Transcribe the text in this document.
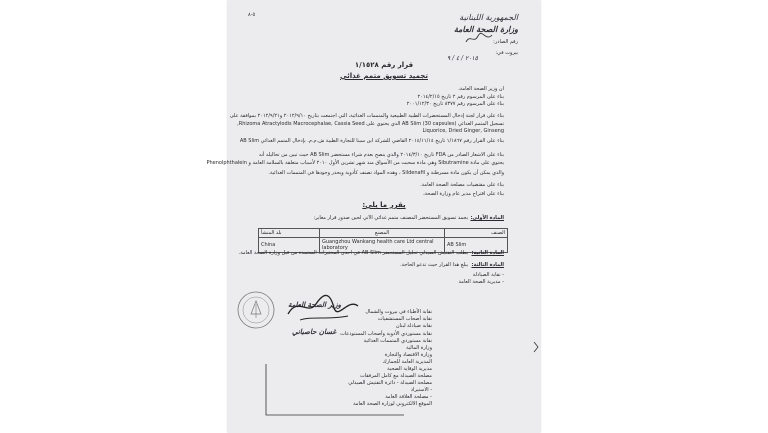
٥-٨	الجمهورية اللبنانية
وزارة الصحة العامة
رقم الصادر:
بيروت في:
٢٠١٥ / ٤ / ٩
قرار رقم ١/١٥٢٨
تجميد تسويق متمم غذائي
ان وزير الصحة العامة،
بناء على المرسوم رقم ٢ تاريخ ٢٠١٤/٢/١٥
بناء على المرسوم رقم ٨٣٧٧ تاريخ ٢٠٠١/١٢/٣٠
بناء على قرار لجنة إدخال المستحضرات الطبية الطبيعية والمتممات الغذائية، التي اجتمعت بتاريخ ٢٠١٢/٩/١٠ و٢٠١٢/٩/٢١ بموافقة على
تسجيل المتمم الغذائي AB Slim (30 capsules) الذي يحتوي على Rhizoma Atractylodis Macrocephalae, Cassia Seed,
Liquorice, Dried Ginger, Ginseng
بناء على القرار رقم ١/١٨٦٧ تاريخ ٢٠١٤/١١/١٤ القاضي للشركة ابن سينا للتجارة الطبية ش.م.م. بإدخال المتمم الغذائي AB Slim
بناء على الاشعار الصادر من FDA تاريخ ٢٠١٤/٣/١٠ والذي ينصح بعدم شراء مستحضر AB Slim حيث تبين من تحاليله أنه
يحتوي على مادة Sibutramine وهي مادة سحبت من الأسواق منذ شهر تشرين الأول ٢٠١٠ لأسباب متعلقة بالسلامة العامة و Phenolphthalein
والذي يمكن أن يكون مادة مسرطنة و Sildenafil ، وهذه المواد تصنف كأدوية ويحذر وجودها في المتممات الغذائية.
بناء على مقتضيات مصلحة الصحة العامة.
بناء على اقتراح مدير عام وزارة الصحة،
يقرر ما يلي:
المادة الأولى:
يجمد تسويق المستحضر المصنف متمم غذائي الآتي لحين صدور قرار مغاير:
بلد المنشأ	المصنع	الصنف
China	Guangzhou Wankang health care Ltd central laboratory	AB Slim
المادة الثانية:
يطلب التفتيش الصيدلي تحليل المستحضر AB Slim في احدى المختبرات المعتمدة من قبل وزارة الصحة العامة.
المادة الثالثة:
يبلغ هذا القرار حيث تدعو الحاجة.
- نقابة الصيادلة
- مديرية الصحة العامة
وزير الصحة العامة
غسان حاصباني
نقابة الأطباء في بيروت والشمال
نقابة أصحاب المستشفيات
نقابة صيادلة لبنان
نقابة مستوردي الأدوية وأصحاب المستودعات
نقابة مستوردي المتممات الغذائية
وزارة المالية
وزارة الاقتصاد والتجارة
المديرية العامة للجمارك
مديرية الوقاية الصحية
مصلحة الصيدلة مع كامل المرفقات
مصلحة الصيدلة - دائرة التفتيش الصيدلي
- الاستيراد
- مصلحة العلاقة العامة
الموقع الالكتروني لوزارة الصحة العامة
